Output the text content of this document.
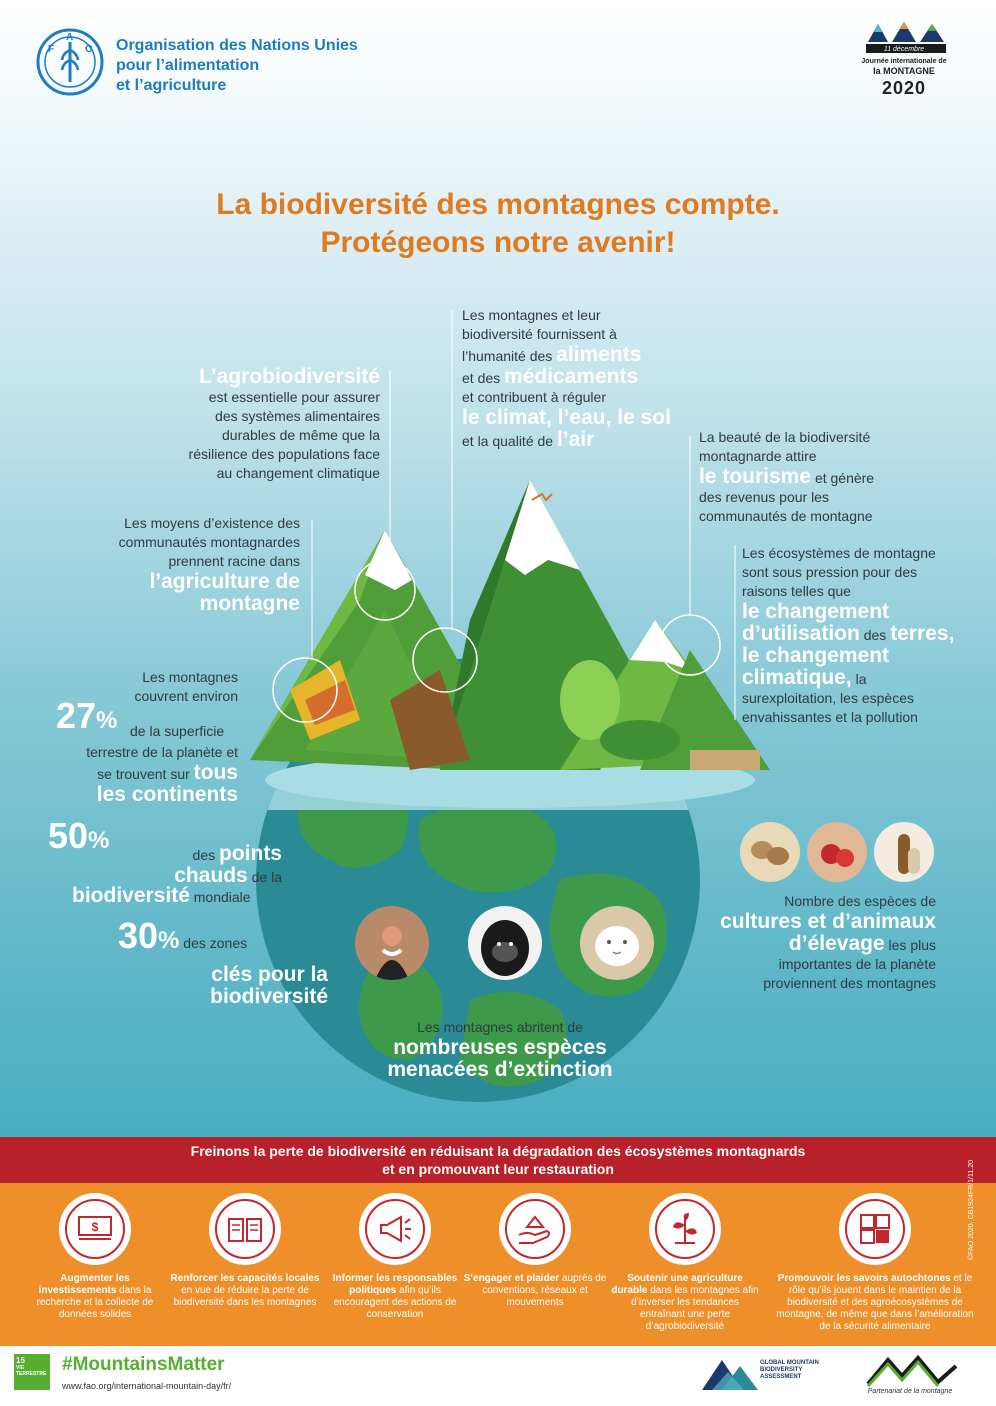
F
A
O Organisation des Nations Unies
pour l’alimentation
et l’agriculture
11 décembre
Journée internationale de
la MONTAGNE
2020
La biodiversité des montagnes compte.
Protégeons notre avenir!
Les montagnes et leur
biodiversité fournissent à
l’humanité des aliments
et des médicaments
et contribuent à réguler
le climat, l’eau, le sol
et la qualité de l’air
L’agrobiodiversité
est essentielle pour assurer
des systèmes alimentaires
durables de même que la
résilience des populations face
au changement climatique
La beauté de la biodiversité
montagnarde attire
le tourisme et génère
des revenus pour les
communautés de montagne
Les moyens d’existence des
communautés montagnardes
prennent racine dans
l’agriculture de
montagne
Les écosystèmes de montagne
sont sous pression pour des
raisons telles que
le changement
d’utilisation des terres,
le changement
climatique, la
surexploitation, les espèces
envahissantes et la pollution
Les montagnes
couvrent environ
27% de la superficie
terrestre de la planète et
se trouvent sur tous
les continents
50%
des points
chauds de la
biodiversité mondiale
30% des zones
clés pour la
biodiversité
Nombre des espèces de
cultures et d’animaux
d’élevage les plus
importantes de la planète
proviennent des montagnes
Les montagnes abritent de
nombreuses espèces
menacées d’extinction
Freinons la perte de biodiversité en réduisant la dégradation des écosystèmes montagnards
et en promouvant leur restauration
$
Augmenter les investissements dans la recherche et la collecte de données solides
Renforcer les capacités locales en vue de réduire la perte de biodiversité dans les montagnes
Informer les responsables politiques afin qu’ils encouragent des actions de conservation
S’engager et plaider auprès de conventions, réseaux et mouvements
Soutenir une agriculture durable dans les montagnes afin d’inverser les tendances entraînant une perte d’agrobiodiversité
Promouvoir les savoirs autochtones et le rôle qu’ils jouent dans le maintien de la biodiversité et des agroécosystèmes de montagne, de même que dans l’amélioration de la sécurité alimentaire
©FAO 2020, CB1924FR/1/11.20
15
VIE TERRESTRE #MountainsMatter
www.fao.org/international-mountain-day/fr/
GLOBAL MOUNTAIN BIODIVERSITY ASSESSMENT
Partenariat de la montagne
